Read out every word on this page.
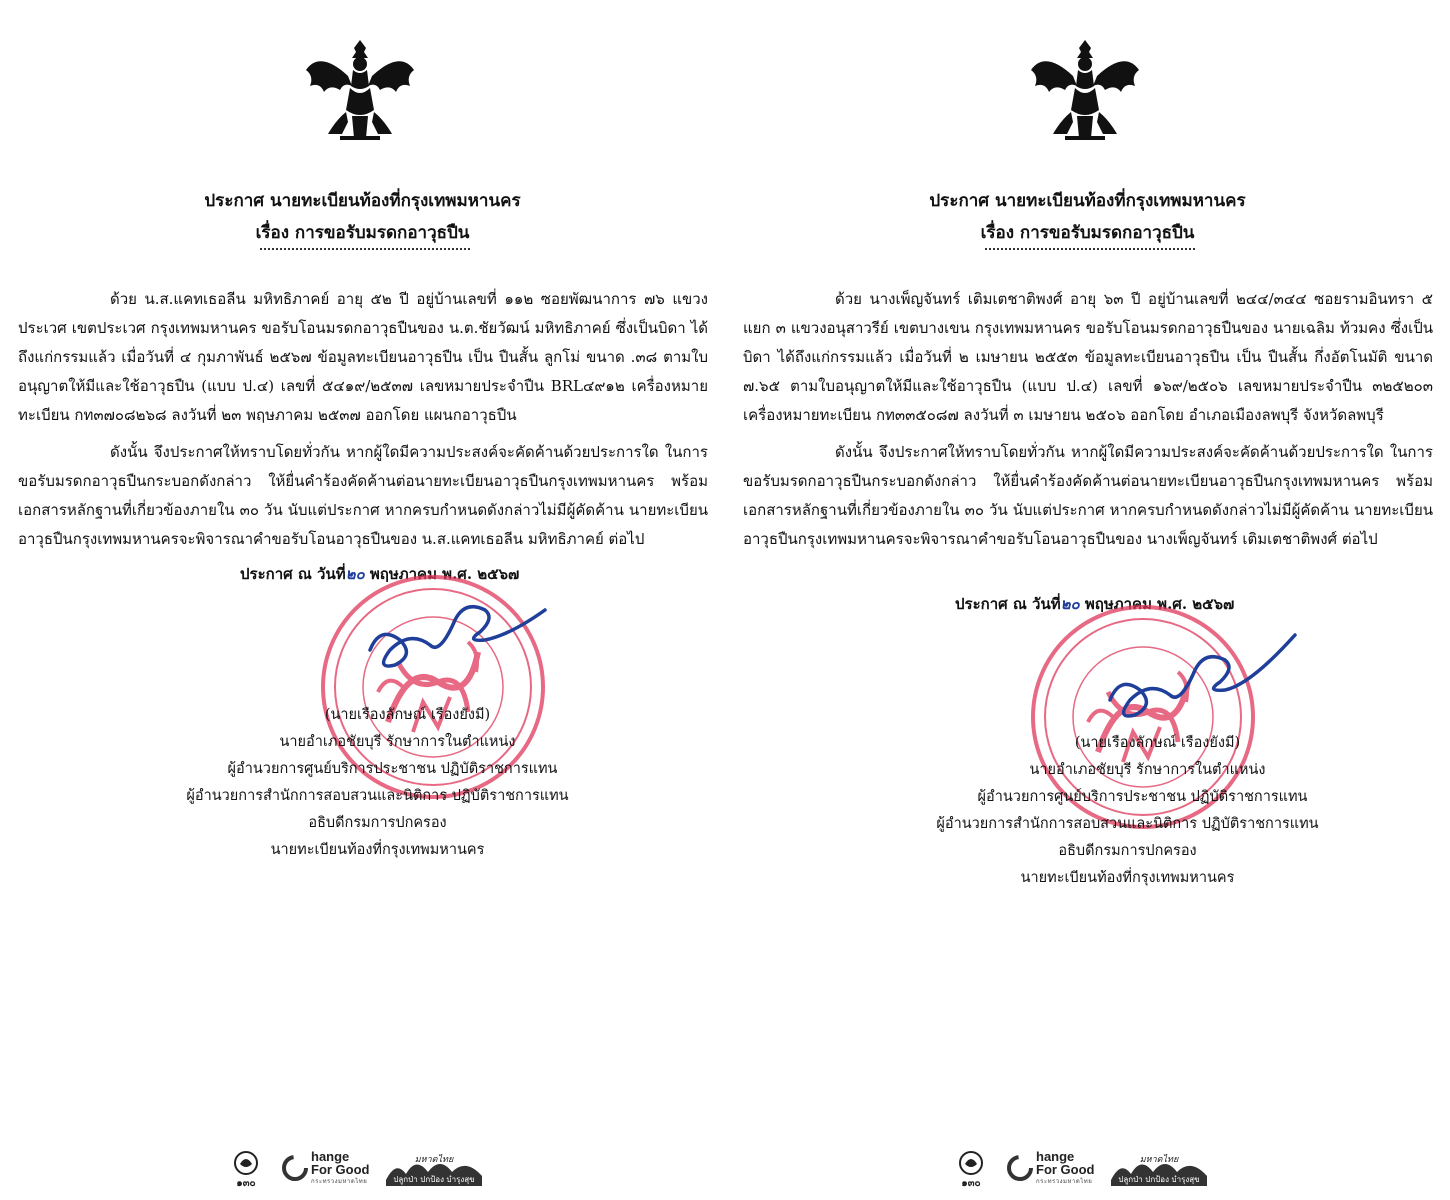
ประกาศ นายทะเบียนท้องที่กรุงเทพมหานคร
เรื่อง การขอรับมรดกอาวุธปืน

ด้วย น.ส.แคทเธอลีน มหิทธิภาคย์ อายุ ๕๒ ปี อยู่บ้านเลขที่ ๑๑๒ ซอยพัฒนาการ ๗๖ แขวงประเวศ เขตประเวศ กรุงเทพมหานคร ขอรับโอนมรดกอาวุธปืนของ น.ต.ชัยวัฒน์ มหิทธิภาคย์ ซึ่งเป็นบิดา ได้ถึงแก่กรรมแล้ว เมื่อวันที่ ๔ กุมภาพันธ์ ๒๕๖๗ ข้อมูลทะเบียนอาวุธปืน เป็น ปืนสั้น ลูกโม่ ขนาด .๓๘ ตามใบอนุญาตให้มีและใช้อาวุธปืน (แบบ ป.๔) เลขที่ ๕๔๑๙/๒๕๓๗ เลขหมายประจำปืน BRL๔๙๑๒ เครื่องหมายทะเบียน กท๓๗๐๘๒๖๘ ลงวันที่ ๒๓ พฤษภาคม ๒๕๓๗ ออกโดย แผนกอาวุธปืน

ดังนั้น จึงประกาศให้ทราบโดยทั่วกัน หากผู้ใดมีความประสงค์จะคัดค้านด้วยประการใด ในการขอรับมรดกอาวุธปืนกระบอกดังกล่าว ให้ยื่นคำร้องคัดค้านต่อนายทะเบียนอาวุธปืนกรุงเทพมหานคร พร้อมเอกสารหลักฐานที่เกี่ยวข้องภายใน ๓๐ วัน นับแต่ประกาศ หากครบกำหนดดังกล่าวไม่มีผู้คัดค้าน นายทะเบียนอาวุธปืนกรุงเทพมหานครจะพิจารณาคำขอรับโอนอาวุธปืนของ น.ส.แคทเธอลีน มหิทธิภาคย์ ต่อไป

ประกาศ ณ วันที่๒๐ พฤษภาคม พ.ศ. ๒๕๖๗
(นายเรืองลักษณ์ เรืองยังมี)
นายอำเภอชัยบุรี รักษาการในตำแหน่ง
ผู้อำนวยการศูนย์บริการประชาชน ปฏิบัติราชการแทน
ผู้อำนวยการสำนักการสอบสวนและนิติการ ปฏิบัติราชการแทน
อธิบดีกรมการปกครอง
นายทะเบียนท้องที่กรุงเทพมหานคร
๑๓๐
hange
For Good
กระทรวงมหาดไทย
มหาดไทย
ปลูกป่า ปกป้อง บำรุงสุข
ประกาศ นายทะเบียนท้องที่กรุงเทพมหานคร
เรื่อง การขอรับมรดกอาวุธปืน

ด้วย นางเพ็ญจันทร์ เติมเตชาติพงศ์ อายุ ๖๓ ปี อยู่บ้านเลขที่ ๒๔๔/๓๔๔ ซอยรามอินทรา ๕ แยก ๓ แขวงอนุสาวรีย์ เขตบางเขน กรุงเทพมหานคร ขอรับโอนมรดกอาวุธปืนของ นายเฉลิม ท้วมคง ซึ่งเป็น บิดา ได้ถึงแก่กรรมแล้ว เมื่อวันที่ ๒ เมษายน ๒๕๕๓ ข้อมูลทะเบียนอาวุธปืน เป็น ปืนสั้น กึ่งอัตโนมัติ ขนาด ๗.๖๕ ตามใบอนุญาตให้มีและใช้อาวุธปืน (แบบ ป.๔) เลขที่ ๑๖๙/๒๕๐๖ เลขหมายประจำปืน ๓๒๕๒๐๓ เครื่องหมายทะเบียน กท๓๓๕๐๘๗ ลงวันที่ ๓ เมษายน ๒๕๐๖ ออกโดย อำเภอเมืองลพบุรี จังหวัดลพบุรี

ดังนั้น จึงประกาศให้ทราบโดยทั่วกัน หากผู้ใดมีความประสงค์จะคัดค้านด้วยประการใด ในการขอรับมรดกอาวุธปืนกระบอกดังกล่าว ให้ยื่นคำร้องคัดค้านต่อนายทะเบียนอาวุธปืนกรุงเทพมหานคร พร้อมเอกสารหลักฐานที่เกี่ยวข้องภายใน ๓๐ วัน นับแต่ประกาศ หากครบกำหนดดังกล่าวไม่มีผู้คัดค้าน นายทะเบียนอาวุธปืนกรุงเทพมหานครจะพิจารณาคำขอรับโอนอาวุธปืนของ นางเพ็ญจันทร์ เติมเตชาติพงศ์ ต่อไป

ประกาศ ณ วันที่๒๐ พฤษภาคม พ.ศ. ๒๕๖๗
(นายเรืองลักษณ์ เรืองยังมี)
นายอำเภอชัยบุรี รักษาการในตำแหน่ง
ผู้อำนวยการศูนย์บริการประชาชน ปฏิบัติราชการแทน
ผู้อำนวยการสำนักการสอบสวนและนิติการ ปฏิบัติราชการแทน
อธิบดีกรมการปกครอง
นายทะเบียนท้องที่กรุงเทพมหานคร
๑๓๐
hange
For Good
กระทรวงมหาดไทย
มหาดไทย
ปลูกป่า ปกป้อง บำรุงสุข
